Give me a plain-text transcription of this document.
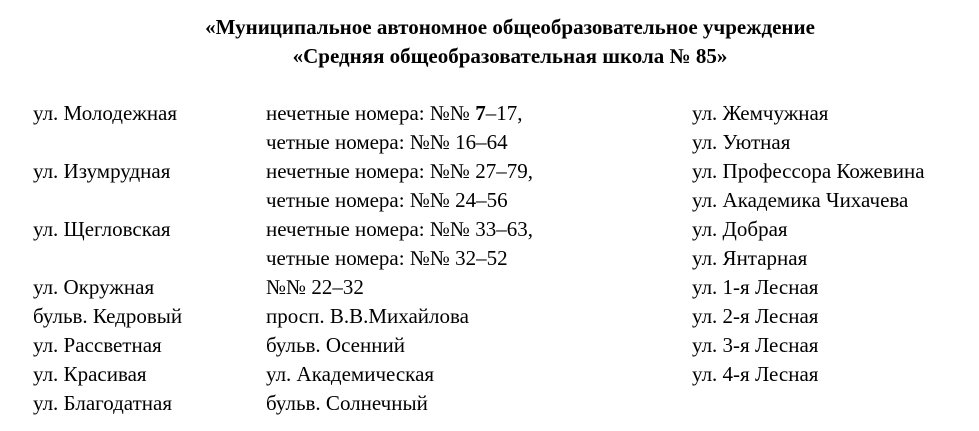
«Муниципальное автономное общеобразовательное учреждение
«Средняя общеобразовательная школа № 85»
ул. Молодежная
ул. Изумрудная
ул. Щегловская
ул. Окружная
бульв. Кедровый
ул. Рассветная
ул. Красивая
ул. Благодатная
нечетные номера: №№ 7–17,
четные номера: №№ 16–64
нечетные номера: №№ 27–79,
четные номера: №№ 24–56
нечетные номера: №№ 33–63,
четные номера: №№ 32–52
№№ 22–32
просп. В.В.Михайлова
бульв. Осенний
ул. Академическая
бульв. Солнечный
ул. Жемчужная
ул. Уютная
ул. Профессора Кожевина
ул. Академика Чихачева
ул. Добрая
ул. Янтарная
ул. 1-я Лесная
ул. 2-я Лесная
ул. 3-я Лесная
ул. 4-я Лесная
